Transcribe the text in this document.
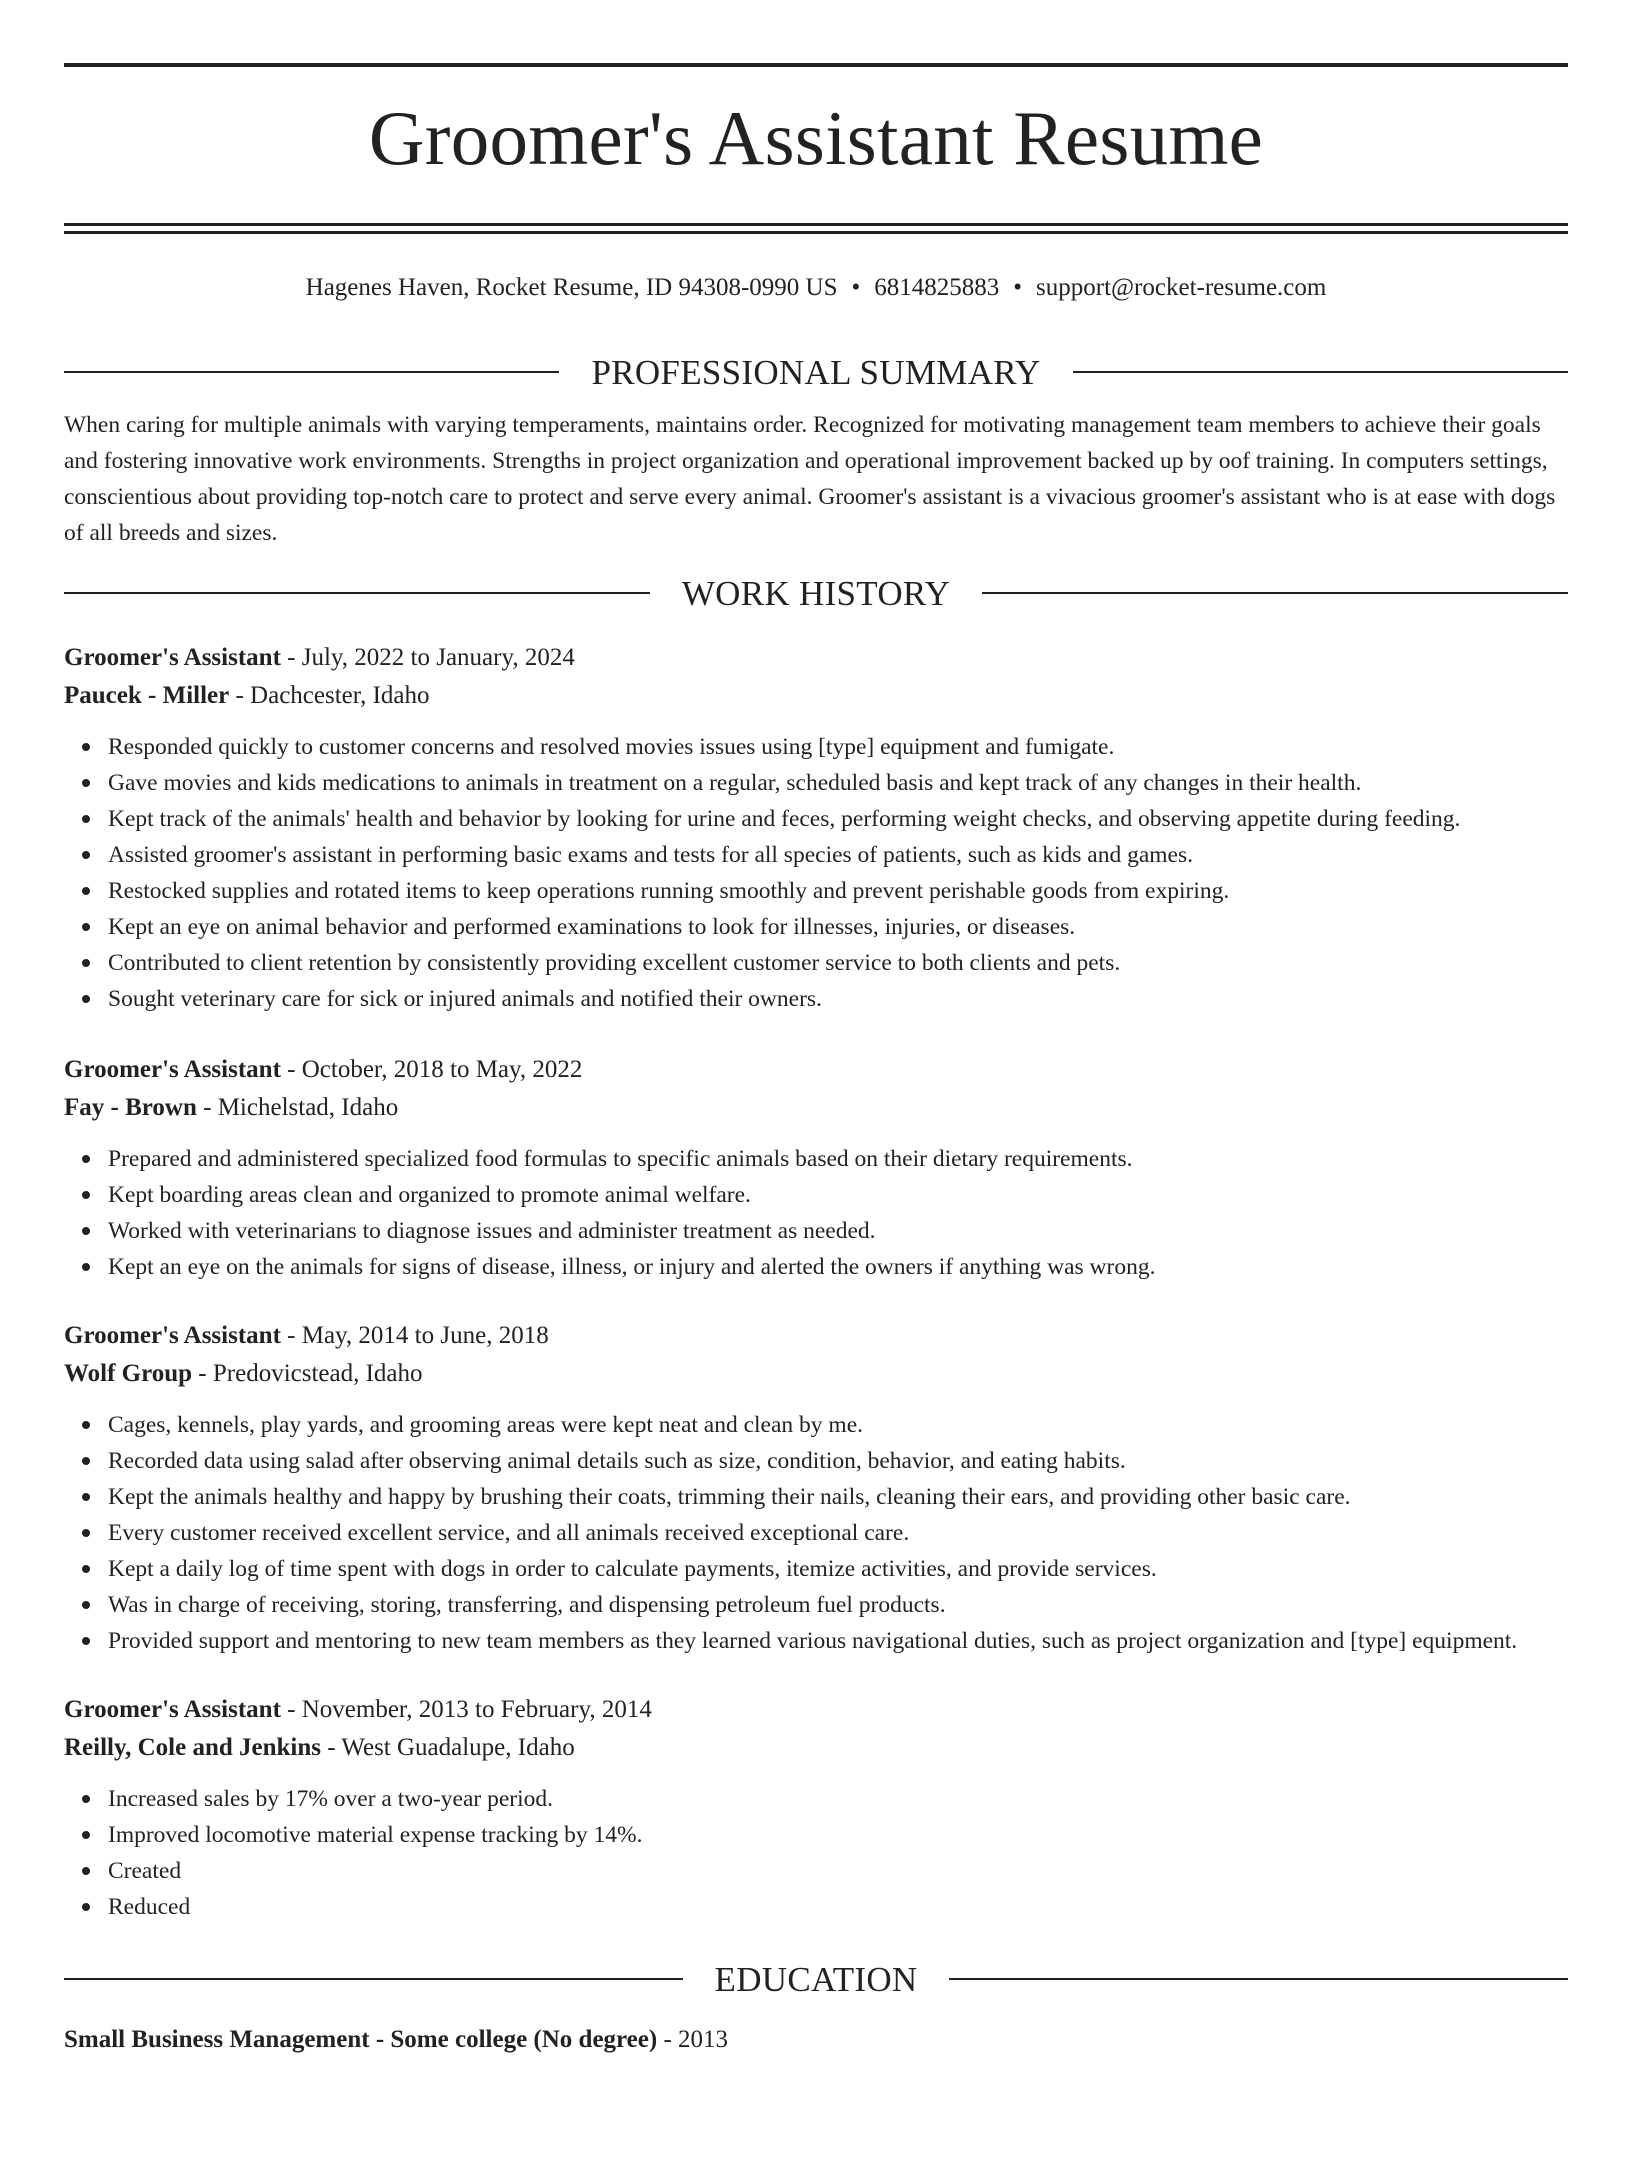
Groomer's Assistant Resume
Hagenes Haven, Rocket Resume, ID 94308-0990 US • 6814825883 • support@rocket-resume.com
PROFESSIONAL SUMMARY

When caring for multiple animals with varying temperaments, maintains order. Recognized for motivating management team members to achieve their goals and fostering innovative work environments. Strengths in project organization and operational improvement backed up by oof training. In computers settings, conscientious about providing top-notch care to protect and serve every animal. Groomer's assistant is a vivacious groomer's assistant who is at ease with dogs of all breeds and sizes.

WORK HISTORY

Groomer's Assistant - July, 2022 to January, 2024

Paucek - Miller - Dachcester, Idaho

Responded quickly to customer concerns and resolved movies issues using [type] equipment and fumigate.
Gave movies and kids medications to animals in treatment on a regular, scheduled basis and kept track of any changes in their health.
Kept track of the animals' health and behavior by looking for urine and feces, performing weight checks, and observing appetite during feeding.
Assisted groomer's assistant in performing basic exams and tests for all species of patients, such as kids and games.
Restocked supplies and rotated items to keep operations running smoothly and prevent perishable goods from expiring.
Kept an eye on animal behavior and performed examinations to look for illnesses, injuries, or diseases.
Contributed to client retention by consistently providing excellent customer service to both clients and pets.
Sought veterinary care for sick or injured animals and notified their owners.

Groomer's Assistant - October, 2018 to May, 2022

Fay - Brown - Michelstad, Idaho

Prepared and administered specialized food formulas to specific animals based on their dietary requirements.
Kept boarding areas clean and organized to promote animal welfare.
Worked with veterinarians to diagnose issues and administer treatment as needed.
Kept an eye on the animals for signs of disease, illness, or injury and alerted the owners if anything was wrong.

Groomer's Assistant - May, 2014 to June, 2018

Wolf Group - Predovicstead, Idaho

Cages, kennels, play yards, and grooming areas were kept neat and clean by me.
Recorded data using salad after observing animal details such as size, condition, behavior, and eating habits.
Kept the animals healthy and happy by brushing their coats, trimming their nails, cleaning their ears, and providing other basic care.
Every customer received excellent service, and all animals received exceptional care.
Kept a daily log of time spent with dogs in order to calculate payments, itemize activities, and provide services.
Was in charge of receiving, storing, transferring, and dispensing petroleum fuel products.
Provided support and mentoring to new team members as they learned various navigational duties, such as project organization and [type] equipment.

Groomer's Assistant - November, 2013 to February, 2014

Reilly, Cole and Jenkins - West Guadalupe, Idaho

Increased sales by 17% over a two-year period.
Improved locomotive material expense tracking by 14%.
Created
Reduced
EDUCATION

Small Business Management - Some college (No degree) - 2013
